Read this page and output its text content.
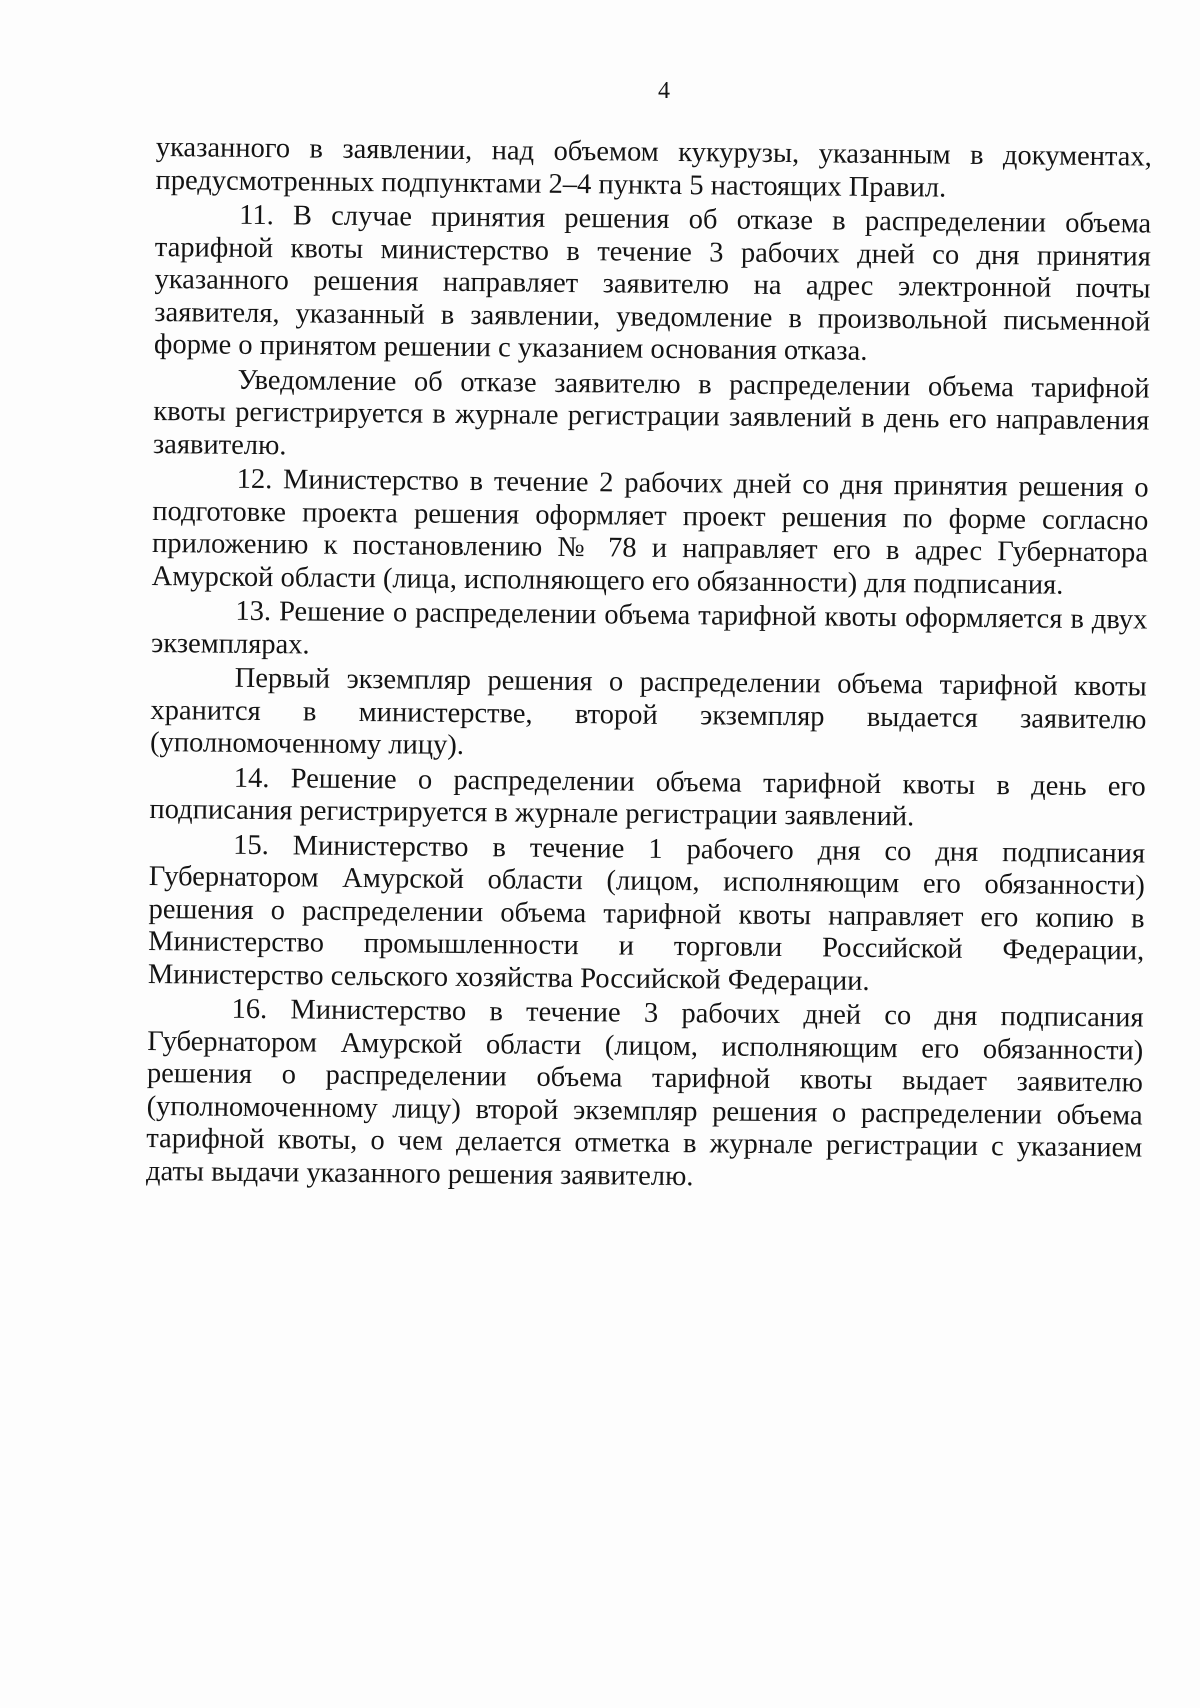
4

указанного в заявлении, над объемом кукурузы, указанным в документах, предусмотренных подпунктами 2–4 пункта 5 настоящих Правил.

11. В случае принятия решения об отказе в распределении объема тарифной квоты министерство в течение 3 рабочих дней со дня принятия указанного решения направляет заявителю на адрес электронной почты заявителя, указанный в заявлении, уведомление в произвольной письменной форме о принятом решении с указанием основания отказа.

Уведомление об отказе заявителю в распределении объема тарифной квоты регистрируется в журнале регистрации заявлений в день его направления заявителю.

12. Министерство в течение 2 рабочих дней со дня принятия решения о подготовке проекта решения оформляет проект решения по форме согласно приложению к постановлению № 78 и направляет его в адрес Губернатора Амурской области (лица, исполняющего его обязанности) для подписания.

13. Решение о распределении объема тарифной квоты оформляется в двух экземплярах.

Первый экземпляр решения о распределении объема тарифной квоты хранится в министерстве, второй экземпляр выдается заявителю (уполномоченному лицу).

14. Решение о распределении объема тарифной квоты в день его подписания регистрируется в журнале регистрации заявлений.

15. Министерство в течение 1 рабочего дня со дня подписания Губернатором Амурской области (лицом, исполняющим его обязанности) решения о распределении объема тарифной квоты направляет его копию в Министерство промышленности и торговли Российской Федерации, Министерство сельского хозяйства Российской Федерации.

16. Министерство в течение 3 рабочих дней со дня подписания Губернатором Амурской области (лицом, исполняющим его обязанности) решения о распределении объема тарифной квоты выдает заявителю (уполномоченному лицу) второй экземпляр решения о распределении объема тарифной квоты, о чем делается отметка в журнале регистрации с указанием даты выдачи указанного решения заявителю.
